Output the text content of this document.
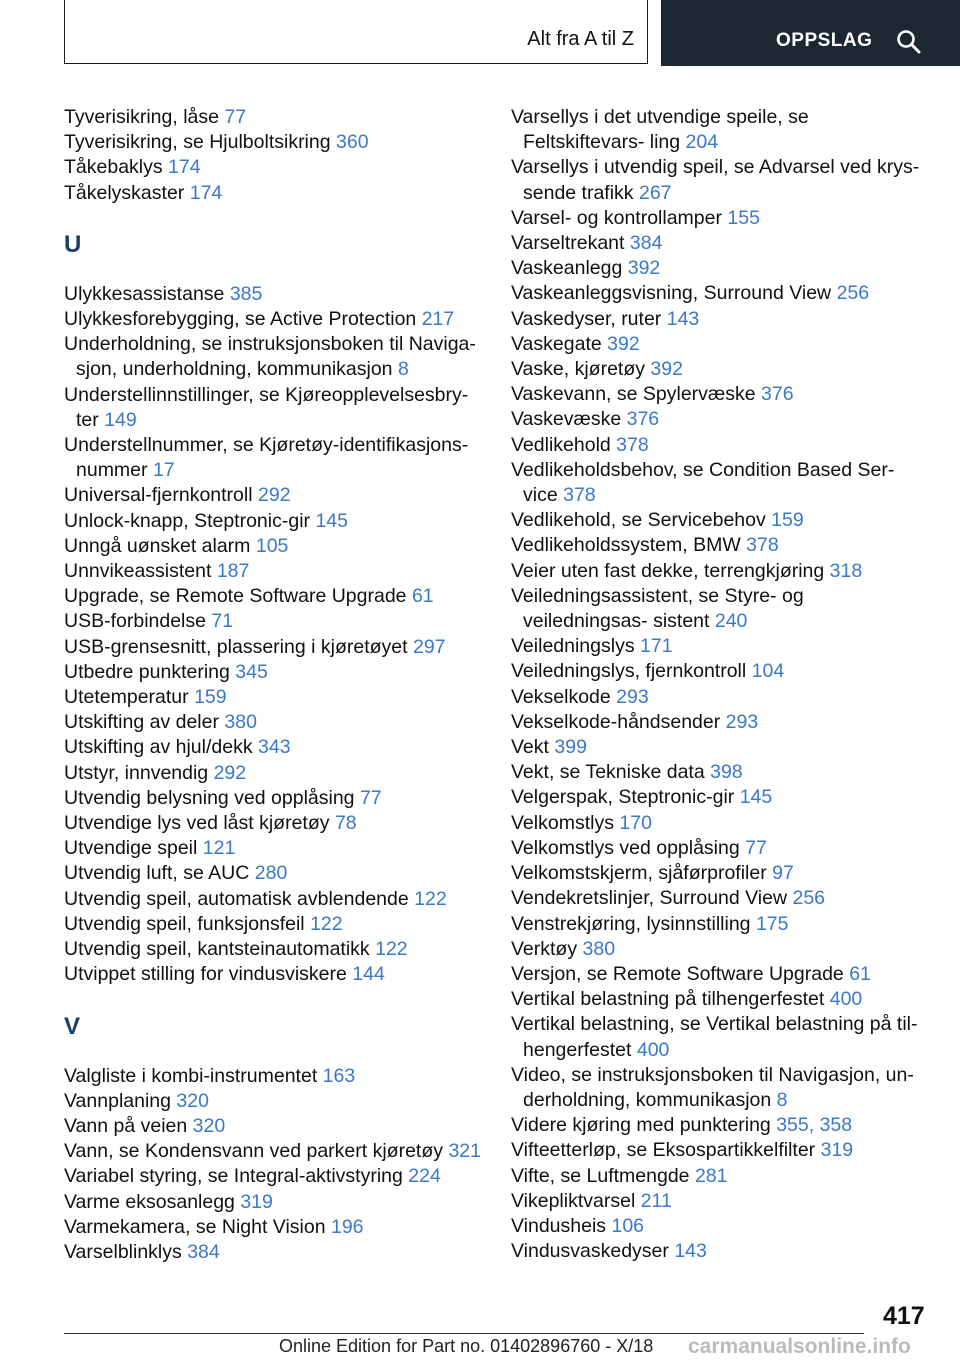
Alt fra A til Z	OPPSLAG

Tyverisikring, låse 77

Tyverisikring, se Hjulboltsikring 360

Tåkebaklys 174

Tåkelyskaster 174

U

Ulykkesassistanse 385

Ulykkesforebygging, se Active Protection 217

Underholdning, se instruksjonsboken til Naviga- sjon, underholdning, kommunikasjon 8

Understellinnstillinger, se Kjøreopplevelsesbry- ter 149

Understellnummer, se Kjøretøy-identifikasjons- nummer 17

Universal-fjernkontroll 292

Unlock-knapp, Steptronic-gir 145

Unngå uønsket alarm 105

Unnvikeassistent 187

Upgrade, se Remote Software Upgrade 61

USB-forbindelse 71

USB-grensesnitt, plassering i kjøretøyet 297

Utbedre punktering 345

Utetemperatur 159

Utskifting av deler 380

Utskifting av hjul/dekk 343

Utstyr, innvendig 292

Utvendig belysning ved opplåsing 77

Utvendige lys ved låst kjøretøy 78

Utvendige speil 121

Utvendig luft, se AUC 280

Utvendig speil, automatisk avblendende 122

Utvendig speil, funksjonsfeil 122

Utvendig speil, kantsteinautomatikk 122

Utvippet stilling for vindusviskere 144

V

Valgliste i kombi-instrumentet 163

Vannplaning 320

Vann på veien 320

Vann, se Kondensvann ved parkert kjøretøy 321

Variabel styring, se Integral-aktivstyring 224

Varme eksosanlegg 319

Varmekamera, se Night Vision 196

Varselblinklys 384

Varsellys i det utvendige speile, se Feltskiftevars- ling 204

Varsellys i utvendig speil, se Advarsel ved krys- sende trafikk 267

Varsel- og kontrollamper 155

Varseltrekant 384

Vaskeanlegg 392

Vaskeanleggsvisning, Surround View 256

Vaskedyser, ruter 143

Vaskegate 392

Vaske, kjøretøy 392

Vaskevann, se Spylervæske 376

Vaskevæske 376

Vedlikehold 378

Vedlikeholdsbehov, se Condition Based Ser- vice 378

Vedlikehold, se Servicebehov 159

Vedlikeholdssystem, BMW 378

Veier uten fast dekke, terrengkjøring 318

Veiledningsassistent, se Styre- og veiledningsas- sistent 240

Veiledningslys 171

Veiledningslys, fjernkontroll 104

Vekselkode 293

Vekselkode-håndsender 293

Vekt 399

Vekt, se Tekniske data 398

Velgerspak, Steptronic-gir 145

Velkomstlys 170

Velkomstlys ved opplåsing 77

Velkomstskjerm, sjåførprofiler 97

Vendekretslinjer, Surround View 256

Venstrekjøring, lysinnstilling 175

Verktøy 380

Versjon, se Remote Software Upgrade 61

Vertikal belastning på tilhengerfestet 400

Vertikal belastning, se Vertikal belastning på til- hengerfestet 400

Video, se instruksjonsboken til Navigasjon, un- derholdning, kommunikasjon 8

Videre kjøring med punktering 355, 358

Vifteetterløp, se Eksospartikkelfilter 319

Vifte, se Luftmengde 281

Vikepliktvarsel 211

Vindusheis 106

Vindusvaskedyser 143

417
Online Edition for Part no. 01402896760 - X/18 carmanualsonline.info
